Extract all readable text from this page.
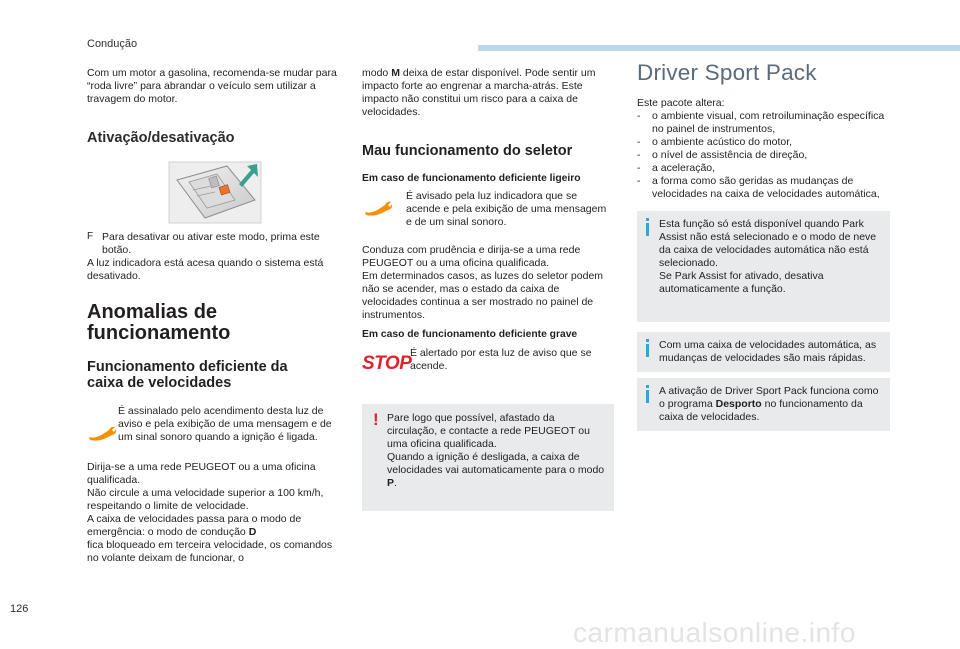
Condução

Com um motor a gasolina, recomenda-se mudar para “roda livre” para abrandar o veículo sem utilizar a travagem do motor.

Ativação/desativação
F Para desativar ou ativar este modo, prima este botão.

A luz indicadora está acesa quando o sistema está desativado.

Anomalias de
funcionamento
Funcionamento deficiente da
caixa de velocidades

É assinalado pelo acendimento desta luz de aviso e pela exibição de uma mensagem e de um sinal sonoro quando a ignição é ligada.

Dirija-se a uma rede PEUGEOT ou a uma oficina qualificada.

Não circule a uma velocidade superior a 100 km/h, respeitando o limite de velocidade.

A caixa de velocidades passa para o modo de emergência: o modo de condução D

fica bloqueado em terceira velocidade, os comandos no volante deixam de funcionar, o

modo M deixa de estar disponível. Pode sentir um impacto forte ao engrenar a marcha-atrás. Este impacto não constitui um risco para a caixa de velocidades.

Mau funcionamento do seletor

Em caso de funcionamento deficiente ligeiro

É avisado pela luz indicadora que se acende e pela exibição de uma mensagem e de um sinal sonoro.

Conduza com prudência e dirija-se a uma rede PEUGEOT ou a uma oficina qualificada.

Em determinados casos, as luzes do seletor podem não se acender, mas o estado da caixa de velocidades continua a ser mostrado no painel de instrumentos.

Em caso de funcionamento deficiente grave

STOP

É alertado por esta luz de aviso que se acende.

! Pare logo que possível, afastado da circulação, e contacte a rede PEUGEOT ou uma oficina qualificada.

Quando a ignição é desligada, a caixa de velocidades vai automaticamente para o modo P.

Driver Sport Pack

Este pacote altera:

- o ambiente visual, com retroiluminação específica no painel de instrumentos,
- o ambiente acústico do motor,
- o nível de assistência de direção,
- a aceleração,
- a forma como são geridas as mudanças de velocidades na caixa de velocidades automática,

Esta função só está disponível quando Park Assist não está selecionado e o modo de neve da caixa de velocidades automática não está selecionado.

Se Park Assist for ativado, desativa automaticamente a função.

Com uma caixa de velocidades automática, as mudanças de velocidades são mais rápidas.

A ativação de Driver Sport Pack funciona como o programa Desporto no funcionamento da caixa de velocidades.

126
carmanualsonline.info
